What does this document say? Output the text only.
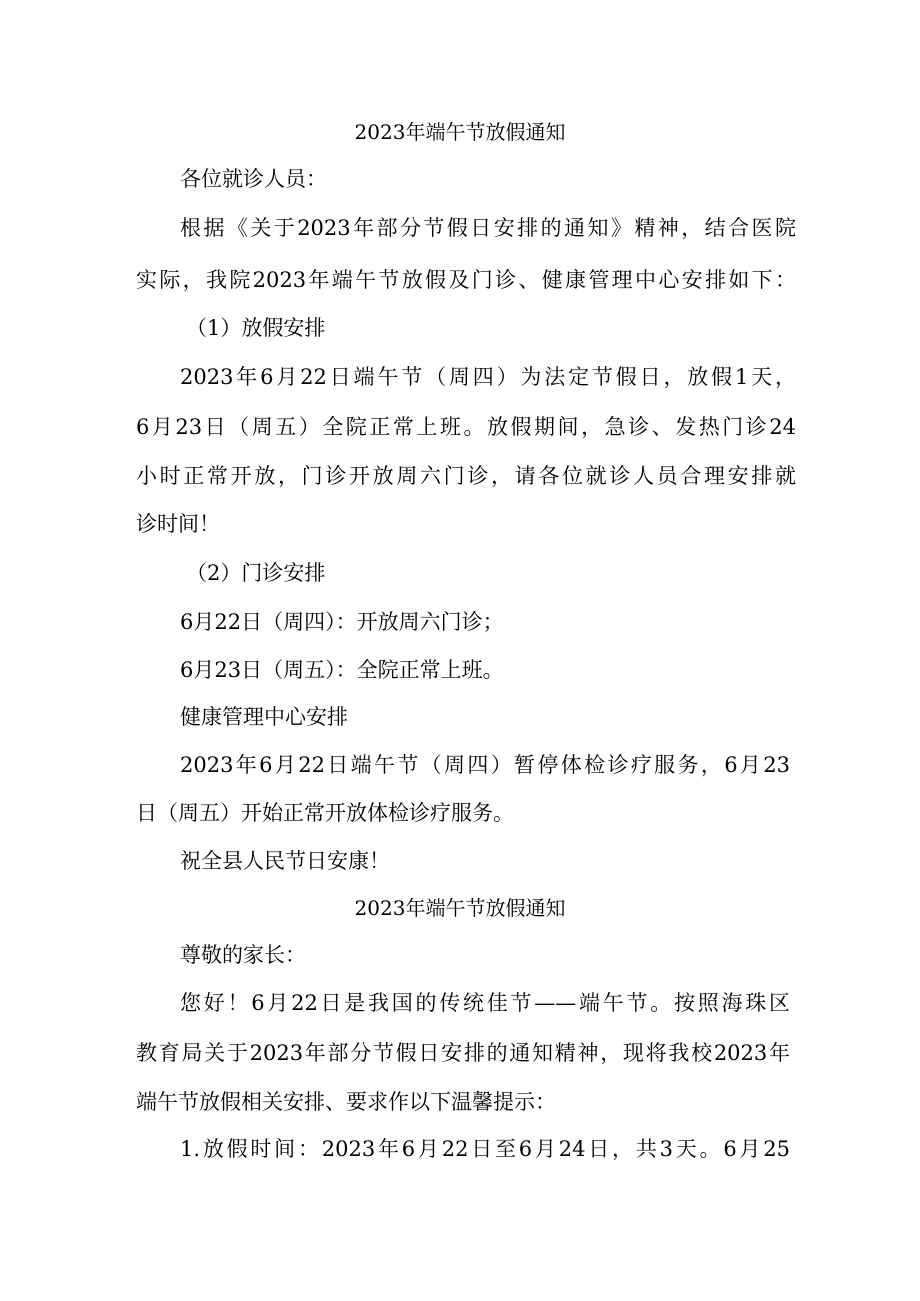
2023年端午节放假通知
各位就诊人员：
根据《关于2023年部分节假日安排的通知》精神，结合医院
实际，我院2023年端午节放假及门诊、健康管理中心安排如下：
（1）放假安排
2023年6月22日端午节（周四）为法定节假日，放假1天，
6月23日（周五）全院正常上班。放假期间，急诊、发热门诊24
小时正常开放，门诊开放周六门诊，请各位就诊人员合理安排就
诊时间！
（2）门诊安排
6月22日（周四）：开放周六门诊；
6月23日（周五）：全院正常上班。
健康管理中心安排
2023年6月22日端午节（周四）暂停体检诊疗服务，6月23
日（周五）开始正常开放体检诊疗服务。
祝全县人民节日安康！
2023年端午节放假通知
尊敬的家长：
您好！6月22日是我国的传统佳节——端午节。按照海珠区
教育局关于2023年部分节假日安排的通知精神，现将我校2023年
端午节放假相关安排、要求作以下温馨提示：
1.放假时间：2023年6月22日至6月24日，共3天。6月25
